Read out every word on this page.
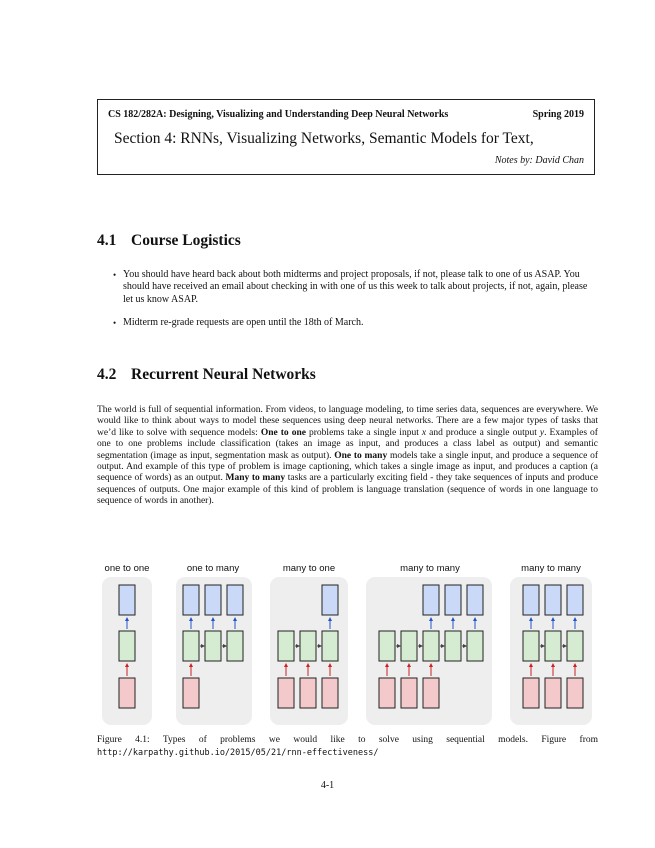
CS 182/282A: Designing, Visualizing and Understanding Deep Neural Networks	Spring 2019
Section 4: RNNs, Visualizing Networks, Semantic Models for Text,
Notes by: David Chan
4.1 Course Logistics
• You should have heard back about both midterms and project proposals, if not, please talk to one of us ASAP. You should have received an email about checking in with one of us this week to talk about projects, if not, again, please let us know ASAP.
• Midterm re-grade requests are open until the 18th of March.
4.2 Recurrent Neural Networks

The world is full of sequential information. From videos, to language modeling, to time series data, sequences are everywhere. We would like to think about ways to model these sequences using deep neural networks. There are a few major types of tasks that we’d like to solve with sequence models: One to one problems take a single input x and produce a single output y. Examples of one to one problems include classification (takes an image as input, and produces a class label as output) and semantic segmentation (image as input, segmentation mask as output). One to many models take a single input, and produce a sequence of output. And example of this type of problem is image captioning, which takes a single image as input, and produces a caption (a sequence of words) as an output. Many to many tasks are a particularly exciting field - they take sequences of inputs and produce sequences of outputs. One major example of this kind of problem is language translation (sequence of words in one language to sequence of words in another).

one to one	one to many	many to one	many to many	many to many

Figure 4.1: Types of problems we would like to solve using sequential models. Figure from http://karpathy.github.io/2015/05/21/rnn-effectiveness/

4-1
